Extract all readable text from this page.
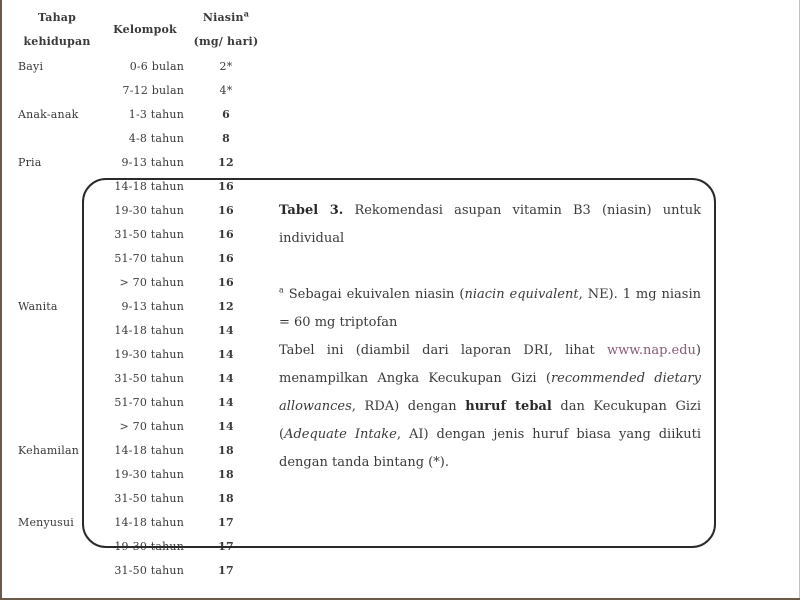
Tahap kehidupan	Kelompok	Niasin$^a$ (mg/ hari)
Bayi	0-6 bulan	2*
	7-12 bulan	4*
Anak-anak	1-3 tahun	6
	4-8 tahun	8
Pria	9-13 tahun	12
	14-18 tahun	16
	19-30 tahun	16
	31-50 tahun	16
	51-70 tahun	16
	> 70 tahun	16
Wanita	9-13 tahun	12
	14-18 tahun	14
	19-30 tahun	14
	31-50 tahun	14
	51-70 tahun	14
	> 70 tahun	14
Kehamilan	14-18 tahun	18
	19-30 tahun	18
	31-50 tahun	18
Menyusui	14-18 tahun	17
	19-30 tahun	17
	31-50 tahun	17

Tabel 3. Rekomendasi asupan vitamin B3 (niasin) untuk individual

$^a$ Sebagai ekuivalen niasin (niacin equivalent, NE). 1 mg niasin = 60 mg triptofan

Tabel ini (diambil dari laporan DRI, lihat www.nap.edu) menampilkan Angka Kecukupan Gizi (recommended dietary allowances, RDA) dengan huruf tebal dan Kecukupan Gizi (Adequate Intake, AI) dengan jenis huruf biasa yang diikuti dengan tanda bintang (*).
